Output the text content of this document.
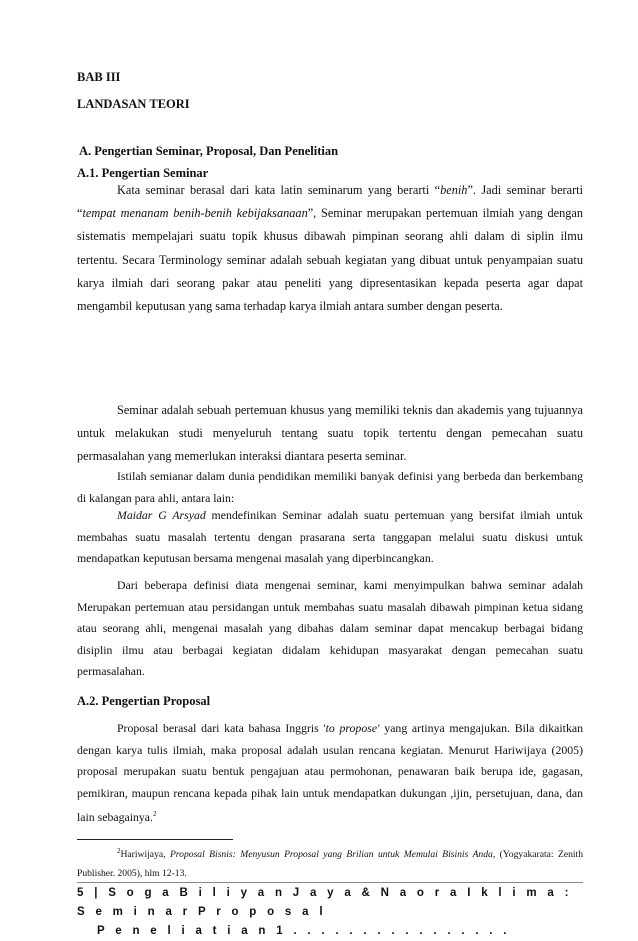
BAB III
LANDASAN TEORI
A. Pengertian Seminar, Proposal, Dan Penelitian
A.1. Pengertian Seminar
Kata seminar berasal dari kata latin seminarum yang berarti “benih”. Jadi seminar berarti “tempat menanam benih-benih kebijaksanaan”, Seminar merupakan pertemuan ilmiah yang dengan sistematis mempelajari suatu topik khusus dibawah pimpinan seorang ahli dalam di siplin ilmu tertentu. Secara Terminology seminar adalah sebuah kegiatan yang dibuat untuk penyampaian suatu karya ilmiah dari seorang pakar atau peneliti yang dipresentasikan kepada peserta agar dapat mengambil keputusan yang sama terhadap karya ilmiah antara sumber dengan peserta.
Seminar adalah sebuah pertemuan khusus yang memiliki teknis dan akademis yang tujuannya untuk melakukan studi menyeluruh tentang suatu topik tertentu dengan pemecahan suatu permasalahan yang memerlukan interaksi diantara peserta seminar.
Istilah semianar dalam dunia pendidikan memiliki banyak definisi yang berbeda dan berkembang di kalangan para ahli, antara lain:
Maidar G Arsyad mendefinikan Seminar adalah suatu pertemuan yang bersifat ilmiah untuk membahas suatu masalah tertentu dengan prasarana serta tanggapan melalui suatu diskusi untuk mendapatkan keputusan bersama mengenai masalah yang diperbincangkan.
Dari beberapa definisi diata mengenai seminar, kami menyimpulkan bahwa seminar adalah Merupakan pertemuan atau persidangan untuk membahas suatu masalah dibawah pimpinan ketua sidang atau seorang ahli, mengenai masalah yang dibahas dalam seminar dapat mencakup berbagai bidang disiplin ilmu atau berbagai kegiatan didalam kehidupan masyarakat dengan pemecahan suatu permasalahan.
A.2. Pengertian Proposal
Proposal berasal dari kata bahasa Inggris 'to propose' yang artinya mengajukan. Bila dikaitkan dengan karya tulis ilmiah, maka proposal adalah usulan rencana kegiatan. Menurut Hariwijaya (2005) proposal merupakan suatu bentuk pengajuan atau permohonan, penawaran baik berupa ide, gagasan, pemikiran, maupun rencana kepada pihak lain untuk mendapatkan dukungan ,ijin, persetujuan, dana, dan lain sebagainya.$^2$
$^2$Hariwijaya, Proposal Bisnis: Menyusun Proposal yang Brilian untuk Memulai Bisinis Anda, (Yogyakarata: Zenith Publisher. 2005), hlm 12-13.
5 | S o g a B i l i y a n J a y a & N a o r a I k l i m a : S e m i n a r P r o p o s a l
P e n e l i a t i a n 1 . . . . . . . . . . . . . . . .
